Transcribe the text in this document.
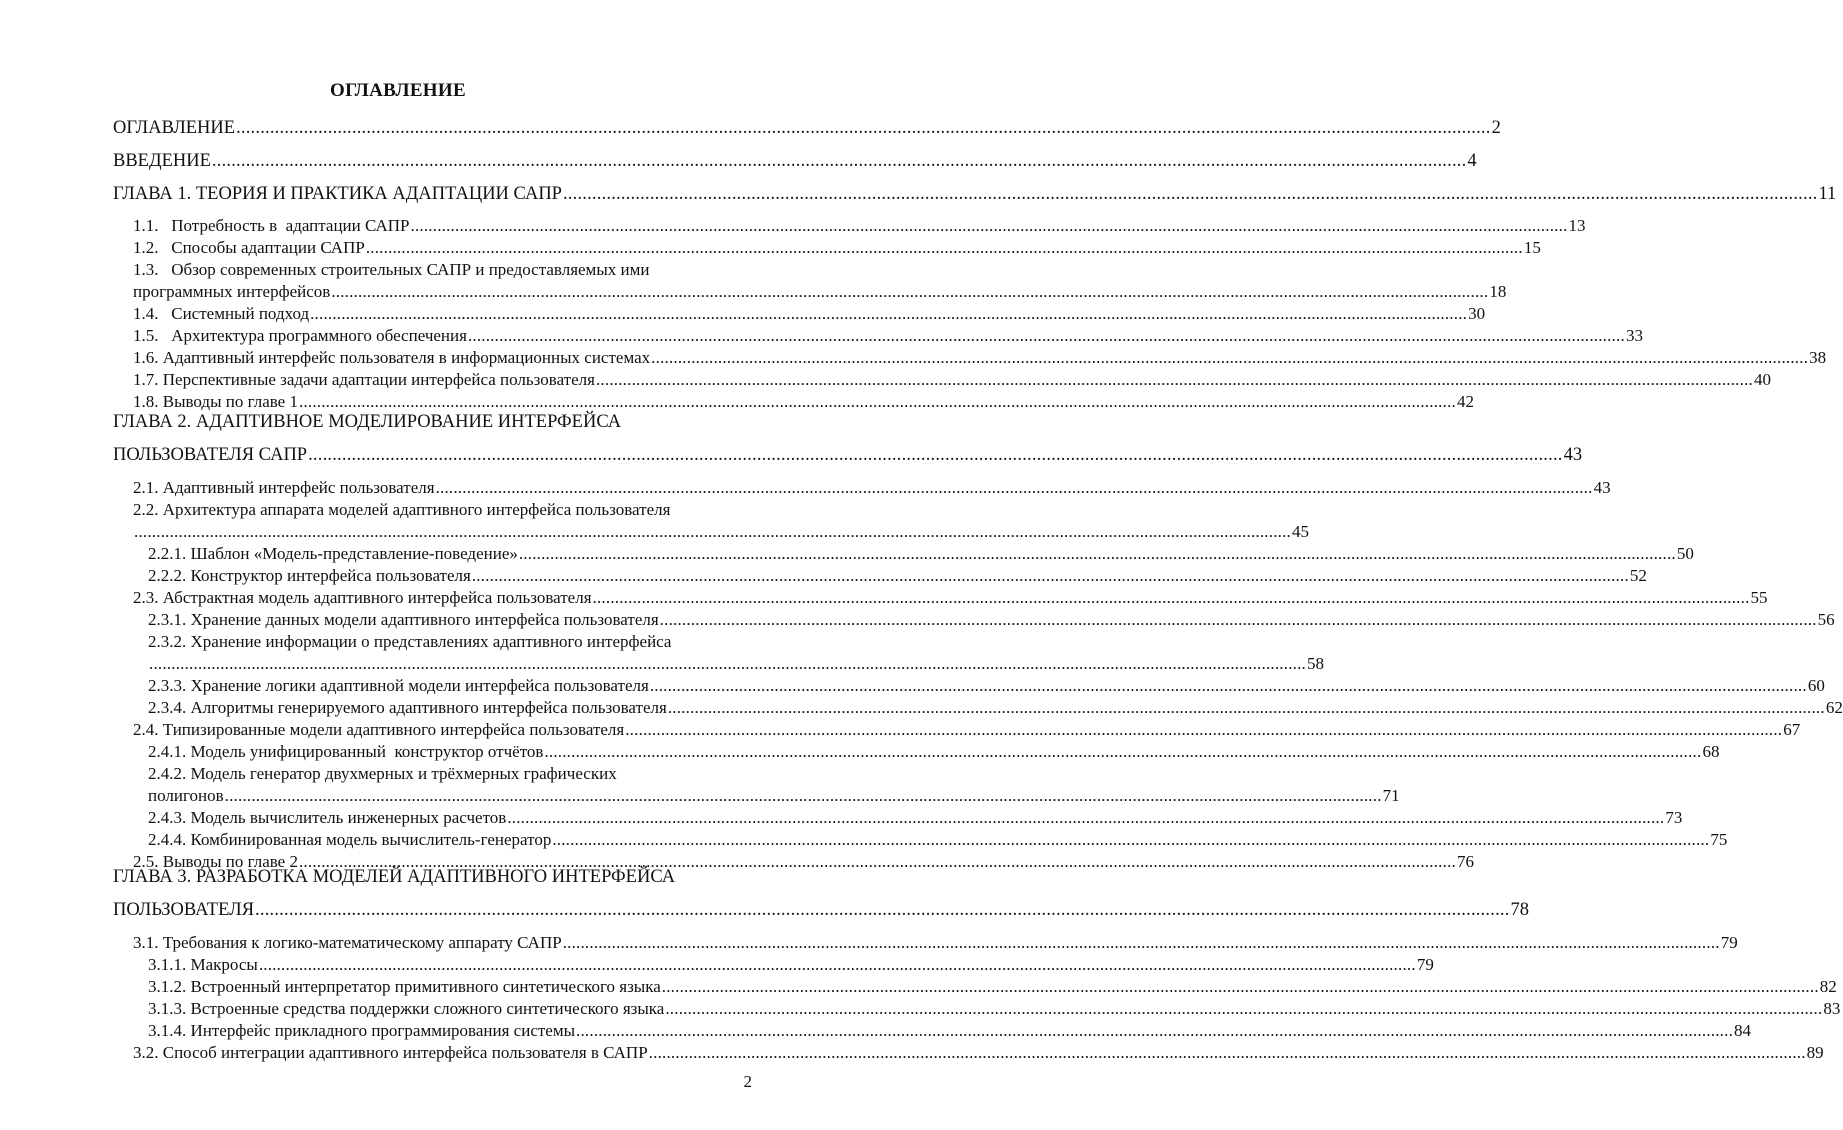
ОГЛАВЛЕНИЕ
ОГЛАВЛЕНИЕ .................................................................................................................................................................................................................................................................... 2
ВВЕДЕНИЕ .................................................................................................................................................................................................................................................................... 4
ГЛАВА 1. ТЕОРИЯ И ПРАКТИКА АДАПТАЦИИ САПР .................................................................................................................................................................................................................................................................... 11
1.1.   Потребность в  адаптации САПР .................................................................................................................................................................................................................................................................... 13
1.2.   Способы адаптации САПР .................................................................................................................................................................................................................................................................... 15
1.3.   Обзор современных строительных САПР и предоставляемых ими
программных интерфейсов .................................................................................................................................................................................................................................................................... 18
1.4.   Системный подход .................................................................................................................................................................................................................................................................... 30
1.5.   Архитектура программного обеспечения .................................................................................................................................................................................................................................................................... 33
1.6. Адаптивный интерфейс пользователя в информационных системах .................................................................................................................................................................................................................................................................... 38
1.7. Перспективные задачи адаптации интерфейса пользователя .................................................................................................................................................................................................................................................................... 40
1.8. Выводы по главе 1 .................................................................................................................................................................................................................................................................... 42
ГЛАВА 2. АДАПТИВНОЕ МОДЕЛИРОВАНИЕ ИНТЕРФЕЙСА
ПОЛЬЗОВАТЕЛЯ САПР .................................................................................................................................................................................................................................................................... 43
2.1. Адаптивный интерфейс пользователя .................................................................................................................................................................................................................................................................... 43
2.2. Архитектура аппарата моделей адаптивного интерфейса пользователя
.................................................................................................................................................................................................................................................................... 45
2.2.1. Шаблон «Модель-представление-поведение» .................................................................................................................................................................................................................................................................... 50
2.2.2. Конструктор интерфейса пользователя .................................................................................................................................................................................................................................................................... 52
2.3. Абстрактная модель адаптивного интерфейса пользователя .................................................................................................................................................................................................................................................................... 55
2.3.1. Хранение данных модели адаптивного интерфейса пользователя .................................................................................................................................................................................................................................................................... 56
2.3.2. Хранение информации о представлениях адаптивного интерфейса
.................................................................................................................................................................................................................................................................... 58
2.3.3. Хранение логики адаптивной модели интерфейса пользователя .................................................................................................................................................................................................................................................................... 60
2.3.4. Алгоритмы генерируемого адаптивного интерфейса пользователя .................................................................................................................................................................................................................................................................... 62
2.4. Типизированные модели адаптивного интерфейса пользователя .................................................................................................................................................................................................................................................................... 67
2.4.1. Модель унифицированный  конструктор отчётов .................................................................................................................................................................................................................................................................... 68
2.4.2. Модель генератор двухмерных и трёхмерных графических
полигонов .................................................................................................................................................................................................................................................................... 71
2.4.3. Модель вычислитель инженерных расчетов .................................................................................................................................................................................................................................................................... 73
2.4.4. Комбинированная модель вычислитель-генератор .................................................................................................................................................................................................................................................................... 75
2.5. Выводы по главе 2 .................................................................................................................................................................................................................................................................... 76
ГЛАВА 3. РАЗРАБОТКА МОДЕЛЕЙ АДАПТИВНОГО ИНТЕРФЕЙСА
ПОЛЬЗОВАТЕЛЯ .................................................................................................................................................................................................................................................................... 78
3.1. Требования к логико-математическому аппарату САПР .................................................................................................................................................................................................................................................................... 79
3.1.1. Макросы .................................................................................................................................................................................................................................................................... 79
3.1.2. Встроенный интерпретатор примитивного синтетического языка .................................................................................................................................................................................................................................................................... 82
3.1.3. Встроенные средства поддержки сложного синтетического языка .................................................................................................................................................................................................................................................................... 83
3.1.4. Интерфейс прикладного программирования системы .................................................................................................................................................................................................................................................................... 84
3.2. Способ интеграции адаптивного интерфейса пользователя в САПР .................................................................................................................................................................................................................................................................... 89
2
